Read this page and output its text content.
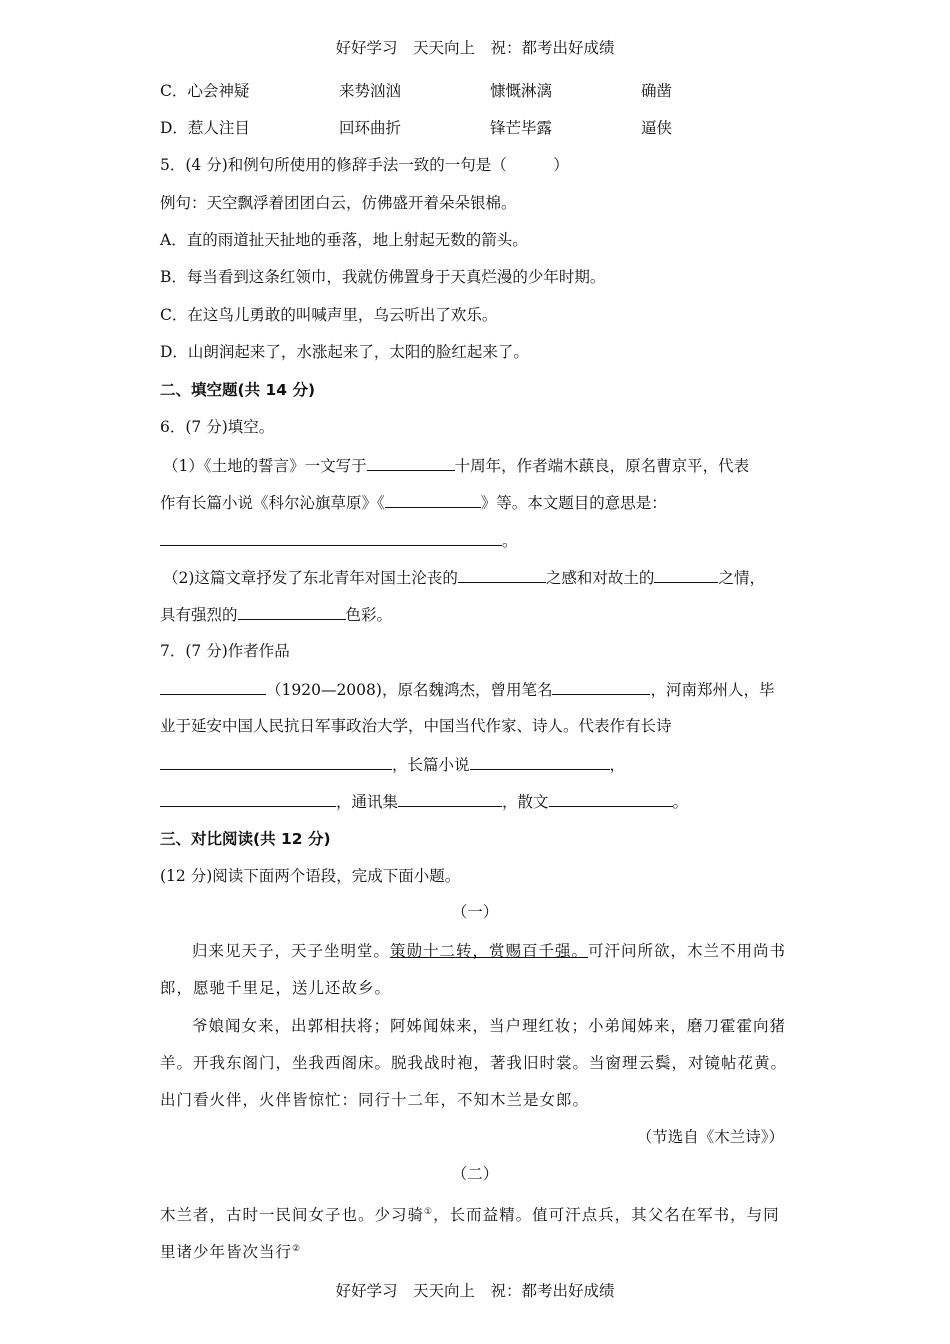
好好学习　天天向上　祝：都考出好成绩
C．心会神疑	来势汹汹	慷慨淋漓	确凿
D．惹人注目	回环曲折	锋芒毕露	逼侠
5．(4 分)和例句所使用的修辞手法一致的一句是（　　　）
例句：天空飘浮着团团白云，仿佛盛开着朵朵银棉。
A．直的雨道扯天扯地的垂落，地上射起无数的箭头。
B．每当看到这条红领巾，我就仿佛置身于天真烂漫的少年时期。
C．在这鸟儿勇敢的叫喊声里，乌云听出了欢乐。
D．山朗润起来了，水涨起来了，太阳的脸红起来了。
二、填空题(共 14 分)
6．(7 分)填空。
（1）《土地的誓言》一文写于	十周年，作者端木蕻良，原名曹京平，代表
作有长篇小说《科尔沁旗草原》《	》等。本文题目的意思是：
。
（2)这篇文章抒发了东北青年对国土沦丧的	之感和对故土的	之情，
具有强烈的	色彩。
7．(7 分)作者作品
（1920—2008)，原名魏鸿杰，曾用笔名	，河南郑州人，毕
业于延安中国人民抗日军事政治大学，中国当代作家、诗人。代表作有长诗
，长篇小说	，
，通讯集	，散文	。
三、对比阅读(共 12 分)
(12 分)阅读下面两个语段，完成下面小题。
（一）
归来见天子，天子坐明堂。策勋十二转，赏赐百千强。可汗问所欲，木兰不用尚书
郎，愿驰千里足，送儿还故乡。
爷娘闻女来，出郭相扶将；阿姊闻妹来，当户理红妆；小弟闻姊来，磨刀霍霍向猪
羊。开我东阁门，坐我西阁床。脱我战时袍，著我旧时裳。当窗理云鬓，对镜帖花黄。
出门看火伴，火伴皆惊忙：同行十二年，不知木兰是女郎。
（节选自《木兰诗》）
（二）
木兰者，古时一民间女子也。少习骑①，长而益精。值可汗点兵，其父名在军书，与同
里诸少年皆次当行②
好好学习　天天向上　祝：都考出好成绩
